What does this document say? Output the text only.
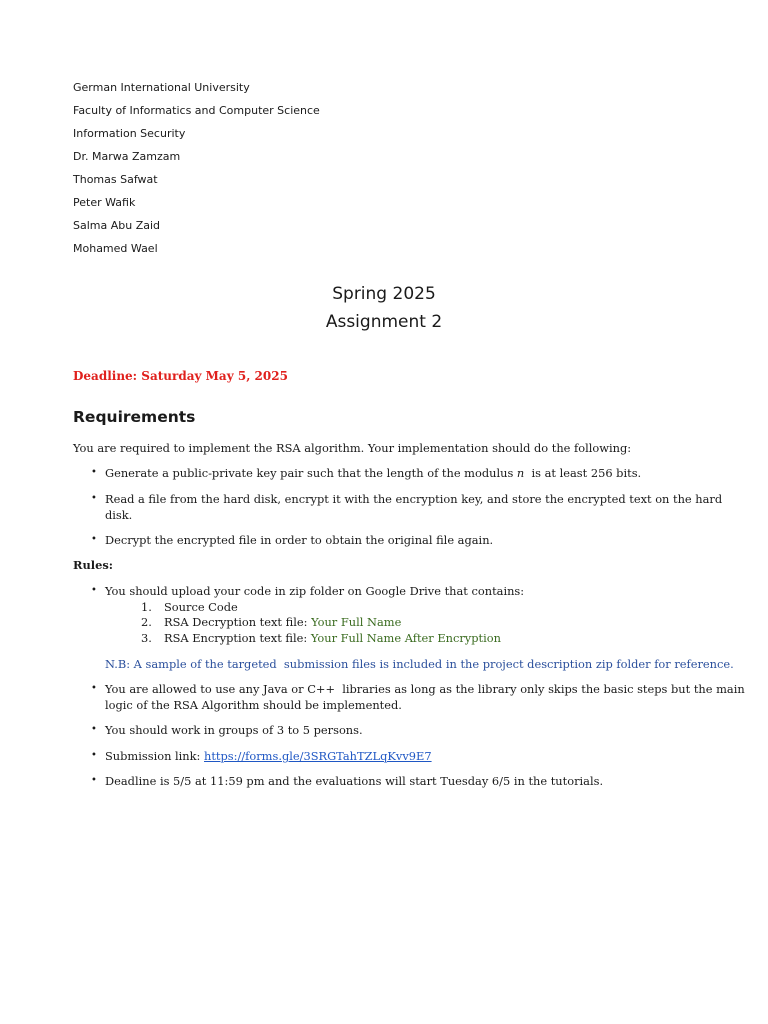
German International University
Faculty of Informatics and Computer Science
Information Security
Dr. Marwa Zamzam
Thomas Safwat
Peter Wafik
Salma Abu Zaid
Mohamed Wael
Spring 2025
Assignment 2
Deadline: Saturday May 5, 2025
Requirements
You are required to implement the RSA algorithm. Your implementation should do the following:
• Generate a public-private key pair such that the length of the modulus n  is at least 256 bits.
• Read a file from the hard disk, encrypt it with the encryption key, and store the encrypted text on the hard
disk.
• Decrypt the encrypted file in order to obtain the original file again.
Rules:
• You should upload your code in zip folder on Google Drive that contains:
1. Source Code
2. RSA Decryption text file: Your Full Name
3. RSA Encryption text file: Your Full Name After Encryption
N.B: A sample of the targeted  submission files is included in the project description zip folder for reference.
• You are allowed to use any Java or C++  libraries as long as the library only skips the basic steps but the main
logic of the RSA Algorithm should be implemented.
• You should work in groups of 3 to 5 persons.
• Submission link: https://forms.gle/3SRGTahTZLqKvv9E7
• Deadline is 5/5 at 11:59 pm and the evaluations will start Tuesday 6/5 in the tutorials.
